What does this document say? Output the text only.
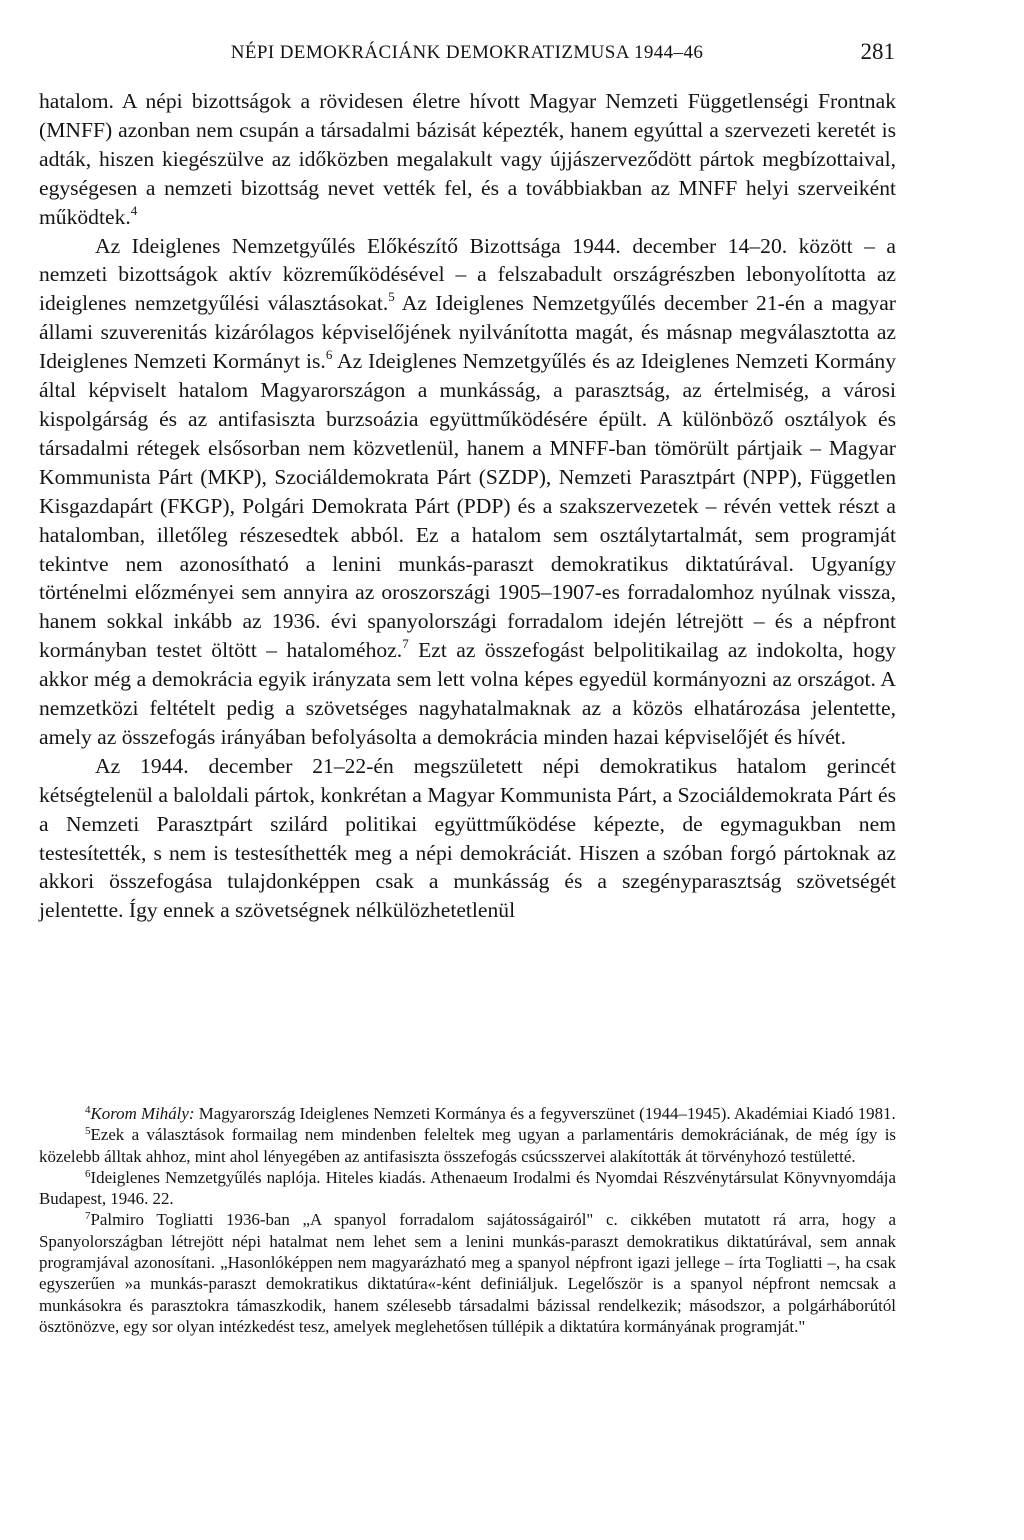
NÉPI DEMOKRÁCIÁNK DEMOKRATIZMUSA 1944–46	281

hatalom. A népi bizottságok a rövidesen életre hívott Magyar Nemzeti Függetlenségi Frontnak (MNFF) azonban nem csupán a társadalmi bázisát képezték, hanem egyúttal a szervezeti keretét is adták, hiszen kiegészülve az időközben megalakult vagy újjászerveződött pártok megbízottaival, egységesen a nemzeti bizottság nevet vették fel, és a továbbiakban az MNFF helyi szerveiként működtek.$^4$

Az Ideiglenes Nemzetgyűlés Előkészítő Bizottsága 1944. december 14–20. között – a nemzeti bizottságok aktív közreműködésével – a felszabadult országrészben lebonyolította az ideiglenes nemzetgyűlési választásokat.$^5$ Az Ideiglenes Nemzetgyűlés december 21-én a magyar állami szuverenitás kizárólagos képviselőjének nyilvánította magát, és másnap megválasztotta az Ideiglenes Nemzeti Kormányt is.$^6$ Az Ideiglenes Nemzetgyűlés és az Ideiglenes Nemzeti Kormány által képviselt hatalom Magyarországon a munkásság, a parasztság, az értelmiség, a városi kispolgárság és az antifasiszta burzsoázia együttműködésére épült. A különböző osztályok és társadalmi rétegek elsősorban nem közvetlenül, hanem a MNFF-ban tömörült pártjaik – Magyar Kommunista Párt (MKP), Szociáldemokrata Párt (SZDP), Nemzeti Parasztpárt (NPP), Független Kisgazdapárt (FKGP), Polgári Demokrata Párt (PDP) és a szakszervezetek – révén vettek részt a hatalomban, illetőleg részesedtek abból. Ez a hatalom sem osztálytartalmát, sem programját tekintve nem azonosítható a lenini munkás-paraszt demokratikus diktatúrával. Ugyanígy történelmi előzményei sem annyira az oroszországi 1905–1907-es forradalomhoz nyúlnak vissza, hanem sokkal inkább az 1936. évi spanyolországi forradalom idején létrejött – és a népfront kormányban testet öltött – hataloméhoz.$^7$ Ezt az összefogást belpolitikailag az indokolta, hogy akkor még a demokrácia egyik irányzata sem lett volna képes egyedül kormányozni az országot. A nemzetközi feltételt pedig a szövetséges nagyhatalmaknak az a közös elhatározása jelentette, amely az összefogás irányában befolyásolta a demokrácia minden hazai képviselőjét és hívét.

Az 1944. december 21–22-én megszületett népi demokratikus hatalom gerincét kétségtelenül a baloldali pártok, konkrétan a Magyar Kommunista Párt, a Szociáldemokrata Párt és a Nemzeti Parasztpárt szilárd politikai együttműködése képezte, de egymagukban nem testesítették, s nem is testesíthették meg a népi demokráciát. Hiszen a szóban forgó pártoknak az akkori összefogása tulajdonképpen csak a munkásság és a szegényparasztság szövetségét jelentette. Így ennek a szövetségnek nélkülözhetetlenül

$^4$Korom Mihály: Magyarország Ideiglenes Nemzeti Kormánya és a fegyverszünet (1944–1945). Akadémiai Kiadó 1981.

$^5$Ezek a választások formailag nem mindenben feleltek meg ugyan a parlamentáris demokráciának, de még így is közelebb álltak ahhoz, mint ahol lényegében az antifasiszta összefogás csúcsszervei alakították át törvényhozó testületté.

$^6$Ideiglenes Nemzetgyűlés naplója. Hiteles kiadás. Athenaeum Irodalmi és Nyomdai Részvénytársulat Könyvnyomdája Budapest, 1946. 22.

$^7$Palmiro Togliatti 1936-ban „A spanyol forradalom sajátosságairól" c. cikkében mutatott rá arra, hogy a Spanyolországban létrejött népi hatalmat nem lehet sem a lenini munkás-paraszt demokratikus diktatúrával, sem annak programjával azonosítani. „Hasonlóképpen nem magyarázható meg a spanyol népfront igazi jellege – írta Togliatti –, ha csak egyszerűen »a munkás-paraszt demokratikus diktatúra«-ként definiáljuk. Legelőször is a spanyol népfront nemcsak a munkásokra és parasztokra támaszkodik, hanem szélesebb társadalmi bázissal rendelkezik; másodszor, a polgárháborútól ösztönözve, egy sor olyan intézkedést tesz, amelyek meglehetősen túllépik a diktatúra kormányának programját."
